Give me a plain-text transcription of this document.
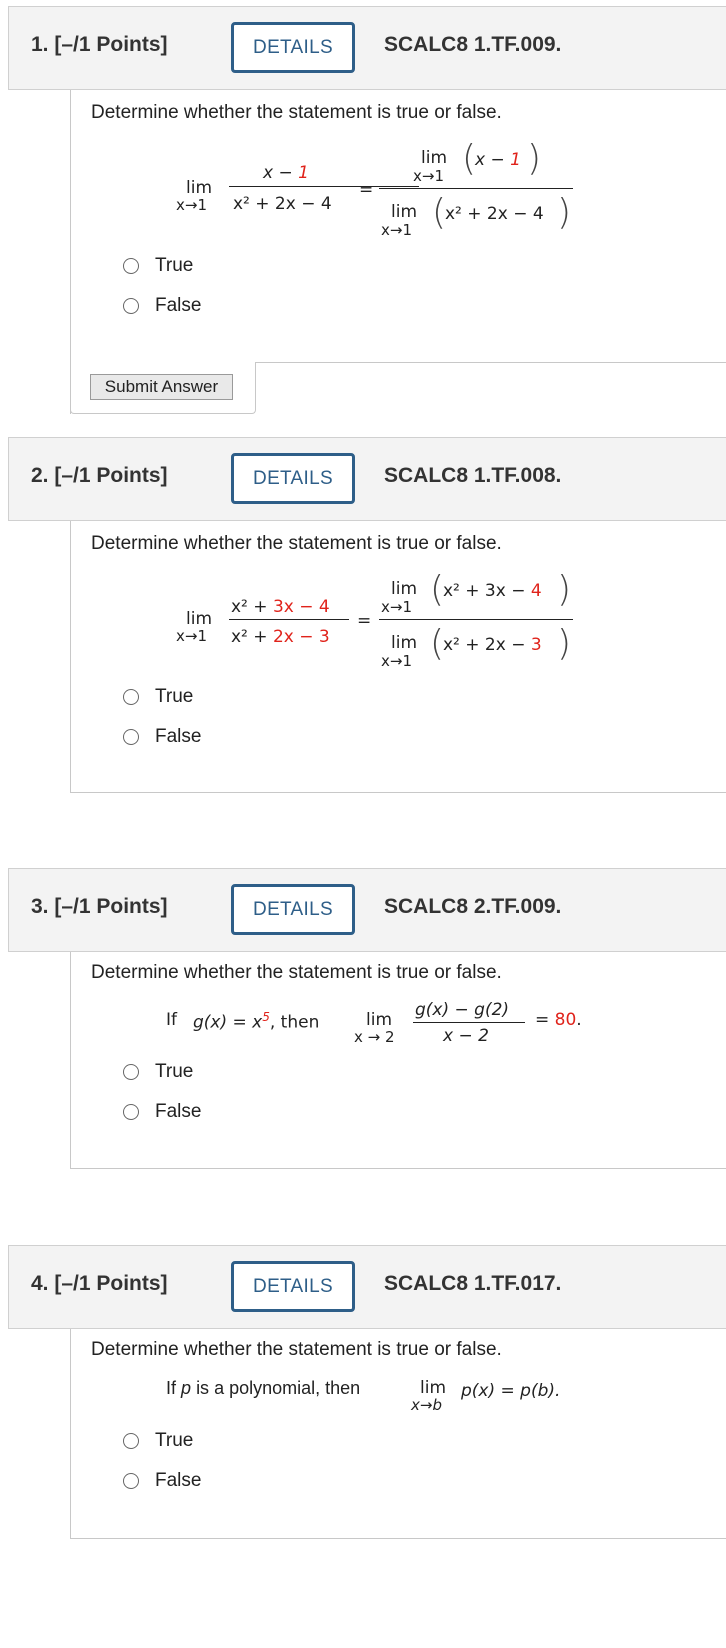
1. [–/1 Points]	DETAILS	SCALC8 1.TF.009.
Determine whether the statement is true or false.
lim
x→1
x − 1
x² + 2x − 4
=
lim
x→1 (
x − 1 )
lim
x→1 (
x² + 2x − 4 )
True
False
Submit Answer
2. [–/1 Points]	DETAILS	SCALC8 1.TF.008.
Determine whether the statement is true or false.
lim
x→1
x² + 3x − 4
x² + 2x − 3
=
lim
x→1 (
x² + 3x − 4 )
lim
x→1 (
x² + 2x − 3 )
True
False
3. [–/1 Points]	DETAILS	SCALC8 2.TF.009.
Determine whether the statement is true or false.
If $g(x) = x^5$, then	lim
x → 2
g(x) − g(2)
x − 2
= 80.
True
False
4. [–/1 Points]	DETAILS	SCALC8 1.TF.017.
Determine whether the statement is true or false.
If p is a polynomial, then	lim
x→b
p(x) = p(b).
True
False
